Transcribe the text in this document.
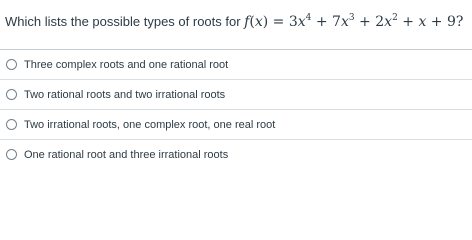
Which lists the possible types of roots for $f(x) = 3x^4 + 7x^3 + 2x^2 + x + 9$?
Three complex roots and one rational root
Two rational roots and two irrational roots
Two irrational roots, one complex root, one real root
One rational root and three irrational roots
